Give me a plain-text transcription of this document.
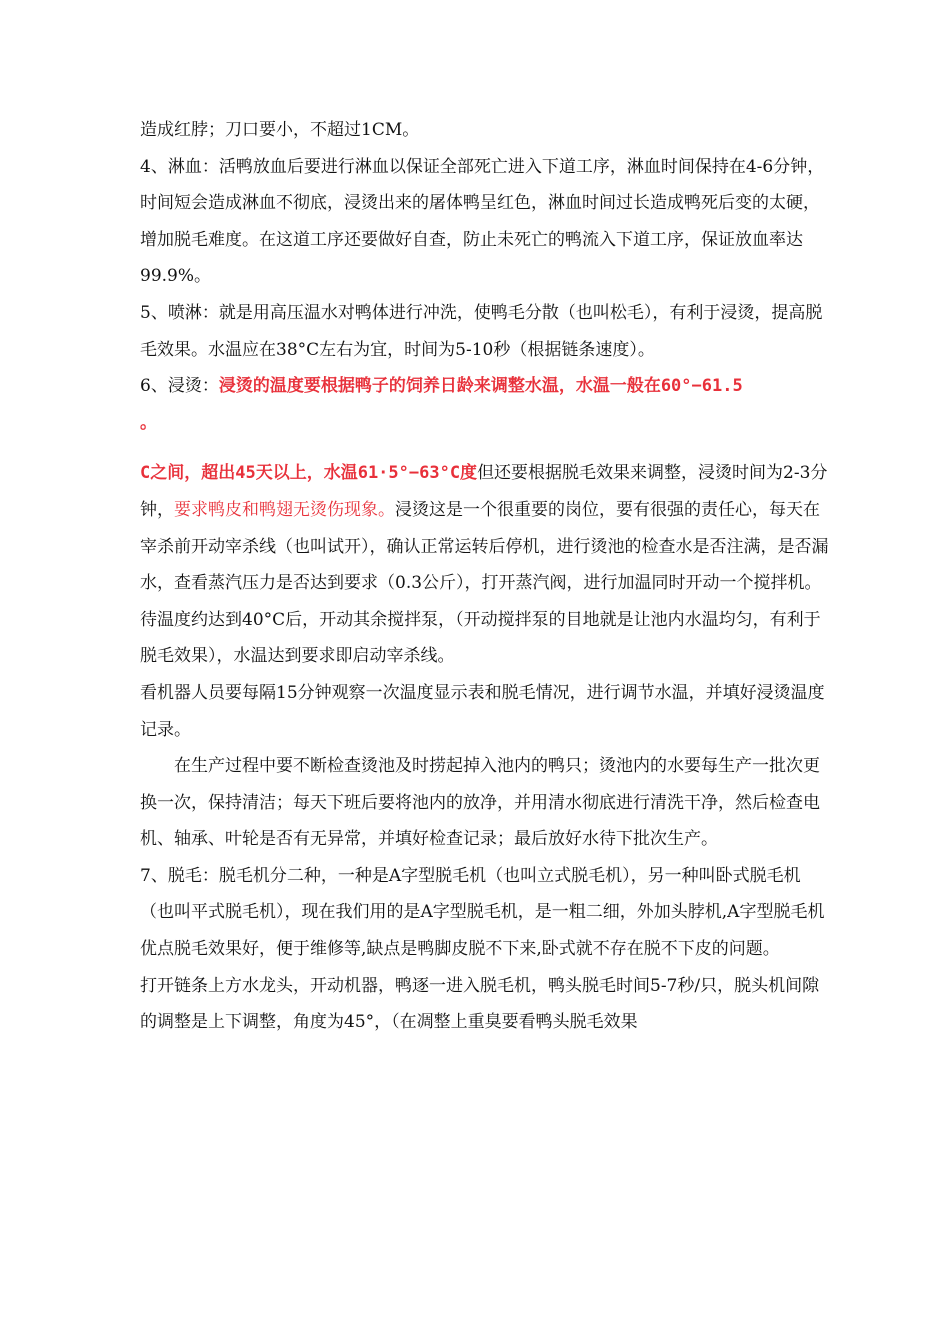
造成红脖；刀口要小，不超过1CM。

4、淋血：活鸭放血后要进行淋血以保证全部死亡进入下道工序，淋血时间保持在4-6分钟，时间短会造成淋血不彻底，浸烫出来的屠体鸭呈红色，淋血时间过长造成鸭死后变的太硬，增加脱毛难度。在这道工序还要做好自查，防止未死亡的鸭流入下道工序，保证放血率达99.9%。

5、喷淋：就是用高压温水对鸭体进行冲洗，使鸭毛分散（也叫松毛），有利于浸烫，提高脱毛效果。水温应在38°C左右为宜，时间为5-10秒（根据链条速度）。

6、浸烫：浸烫的温度要根据鸭子的饲养日龄来调整水温，水温一般在60°−61.5
。

C之间，超出45天以上，水温61·5°−63°C度但还要根据脱毛效果来调整，浸烫时间为2-3分钟，要求鸭皮和鸭翅无烫伤现象。浸烫这是一个很重要的岗位，要有很强的责任心，每天在宰杀前开动宰杀线（也叫试开），确认正常运转后停机，进行烫池的检查水是否注满，是否漏水，查看蒸汽压力是否达到要求（0.3公斤），打开蒸汽阀，进行加温同时开动一个搅拌机。待温度约达到40°C后，开动其余搅拌泵，（开动搅拌泵的目地就是让池内水温均匀，有利于脱毛效果），水温达到要求即启动宰杀线。

看机器人员要每隔15分钟观察一次温度显示表和脱毛情况，进行调节水温，并填好浸烫温度记录。

在生产过程中要不断检查烫池及时捞起掉入池内的鸭只；烫池内的水要每生产一批次更换一次，保持清洁；每天下班后要将池内的放净，并用清水彻底进行清洗干净，然后检查电机、轴承、叶轮是否有无异常，并填好检查记录；最后放好水待下批次生产。

7、脱毛：脱毛机分二种，一种是A字型脱毛机（也叫立式脱毛机），另一种叫卧式脱毛机（也叫平式脱毛机），现在我们用的是A字型脱毛机，是一粗二细，外加头脖机,A字型脱毛机优点脱毛效果好，便于维修等,缺点是鸭脚皮脱不下来,卧式就不存在脱不下皮的问题。

打开链条上方水龙头，开动机器，鸭逐一进入脱毛机，鸭头脱毛时间5-7秒/只，脱头机间隙的调整是上下调整，角度为45°，（在凋整上重臭要看鸭头脱毛效果
